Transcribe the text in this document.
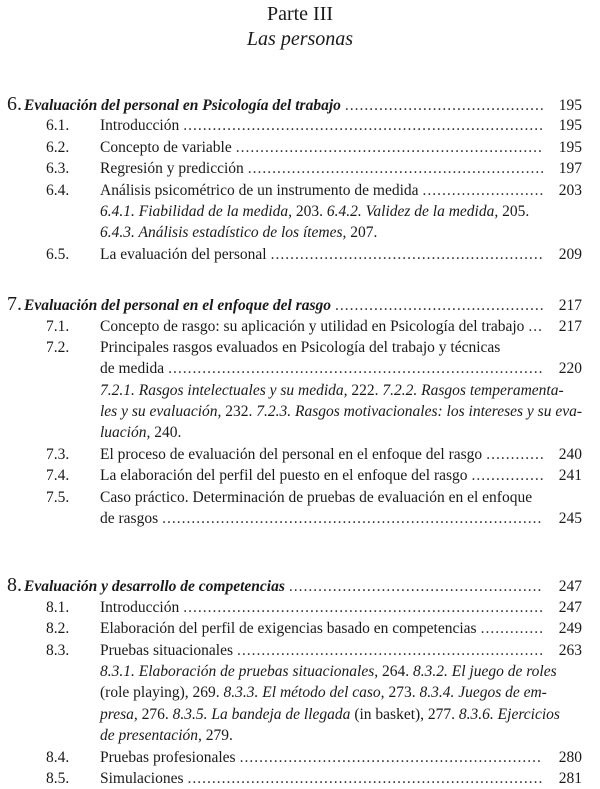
Parte III
Las personas
6. Evaluación del personal en Psicología del trabajo ......................................... 195
6.1.	Introducción .......................................................................... 195
6.2.	Concepto de variable ...............................................................	195
6.3.	Regresión y predicción ............................................................. 197
6.4.	Análisis psicométrico de un instrumento de medida ......................... 203
6.4.1. Fiabilidad de la medida, 203. 6.4.2. Validez de la medida, 205.
6.4.3. Análisis estadístico de los ítemes, 207.
6.5.	La evaluación del personal ........................................................ 209
7. Evaluación del personal en el enfoque del rasgo ........................................... 217
7.1.	Concepto de rasgo: su aplicación y utilidad en Psicología del trabajo ...	217
7.2.	Principales rasgos evaluados en Psicología del trabajo y técnicas
de medida ............................................................................. 220
7.2.1. Rasgos intelectuales y su medida, 222. 7.2.2. Rasgos temperamenta-
les y su evaluación, 232. 7.2.3. Rasgos motivacionales: los intereses y su eva-
luación, 240.
7.3.	El proceso de evaluación del personal en el enfoque del rasgo ............ 240
7.4.	La elaboración del perfil del puesto en el enfoque del rasgo ............... 241
7.5.	Caso práctico. Determinación de pruebas de evaluación en el enfoque
de rasgos ..............................................................................	245
8. Evaluación y desarrollo de competencias ....................................................	247
8.1.	Introducción .......................................................................... 247
8.2.	Elaboración del perfil de exigencias basado en competencias ............. 249
8.3.	Pruebas situacionales ............................................................... 263
8.3.1. Elaboración de pruebas situacionales, 264. 8.3.2. El juego de roles
(role playing), 269. 8.3.3. El método del caso, 273. 8.3.4. Juegos de em-
presa, 276. 8.3.5. La bandeja de llegada (in basket), 277. 8.3.6. Ejercicios
de presentación, 279.
8.4.	Pruebas profesionales ..............................................................	280
8.5.	Simulaciones ......................................................................... 281
